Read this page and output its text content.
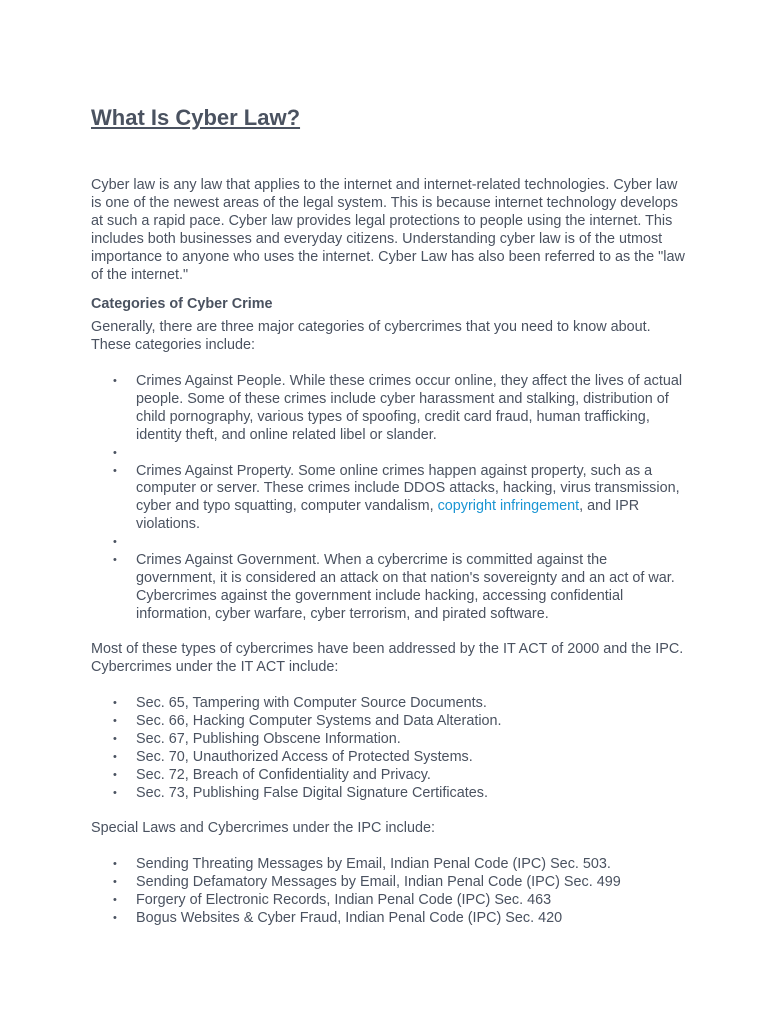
What Is Cyber Law?

Cyber law is any law that applies to the internet and internet-related technologies. Cyber law is one of the newest areas of the legal system. This is because internet technology develops at such a rapid pace. Cyber law provides legal protections to people using the internet. This includes both businesses and everyday citizens. Understanding cyber law is of the utmost importance to anyone who uses the internet. Cyber Law has also been referred to as the "law of the internet."

Categories of Cyber Crime

Generally, there are three major categories of cybercrimes that you need to know about. These categories include:

• Crimes Against People. While these crimes occur online, they affect the lives of actual people. Some of these crimes include cyber harassment and stalking, distribution of child pornography, various types of spoofing, credit card fraud, human trafficking, identity theft, and online related libel or slander.
•
• Crimes Against Property. Some online crimes happen against property, such as a computer or server. These crimes include DDOS attacks, hacking, virus transmission, cyber and typo squatting, computer vandalism, copyright infringement, and IPR violations.
•
• Crimes Against Government. When a cybercrime is committed against the government, it is considered an attack on that nation's sovereignty and an act of war. Cybercrimes against the government include hacking, accessing confidential information, cyber warfare, cyber terrorism, and pirated software.

Most of these types of cybercrimes have been addressed by the IT ACT of 2000 and the IPC. Cybercrimes under the IT ACT include:

• Sec. 65, Tampering with Computer Source Documents.
• Sec. 66, Hacking Computer Systems and Data Alteration.
• Sec. 67, Publishing Obscene Information.
• Sec. 70, Unauthorized Access of Protected Systems.
• Sec. 72, Breach of Confidentiality and Privacy.
• Sec. 73, Publishing False Digital Signature Certificates.

Special Laws and Cybercrimes under the IPC include:

• Sending Threating Messages by Email, Indian Penal Code (IPC) Sec. 503.
• Sending Defamatory Messages by Email, Indian Penal Code (IPC) Sec. 499
• Forgery of Electronic Records, Indian Penal Code (IPC) Sec. 463
• Bogus Websites & Cyber Fraud, Indian Penal Code (IPC) Sec. 420
